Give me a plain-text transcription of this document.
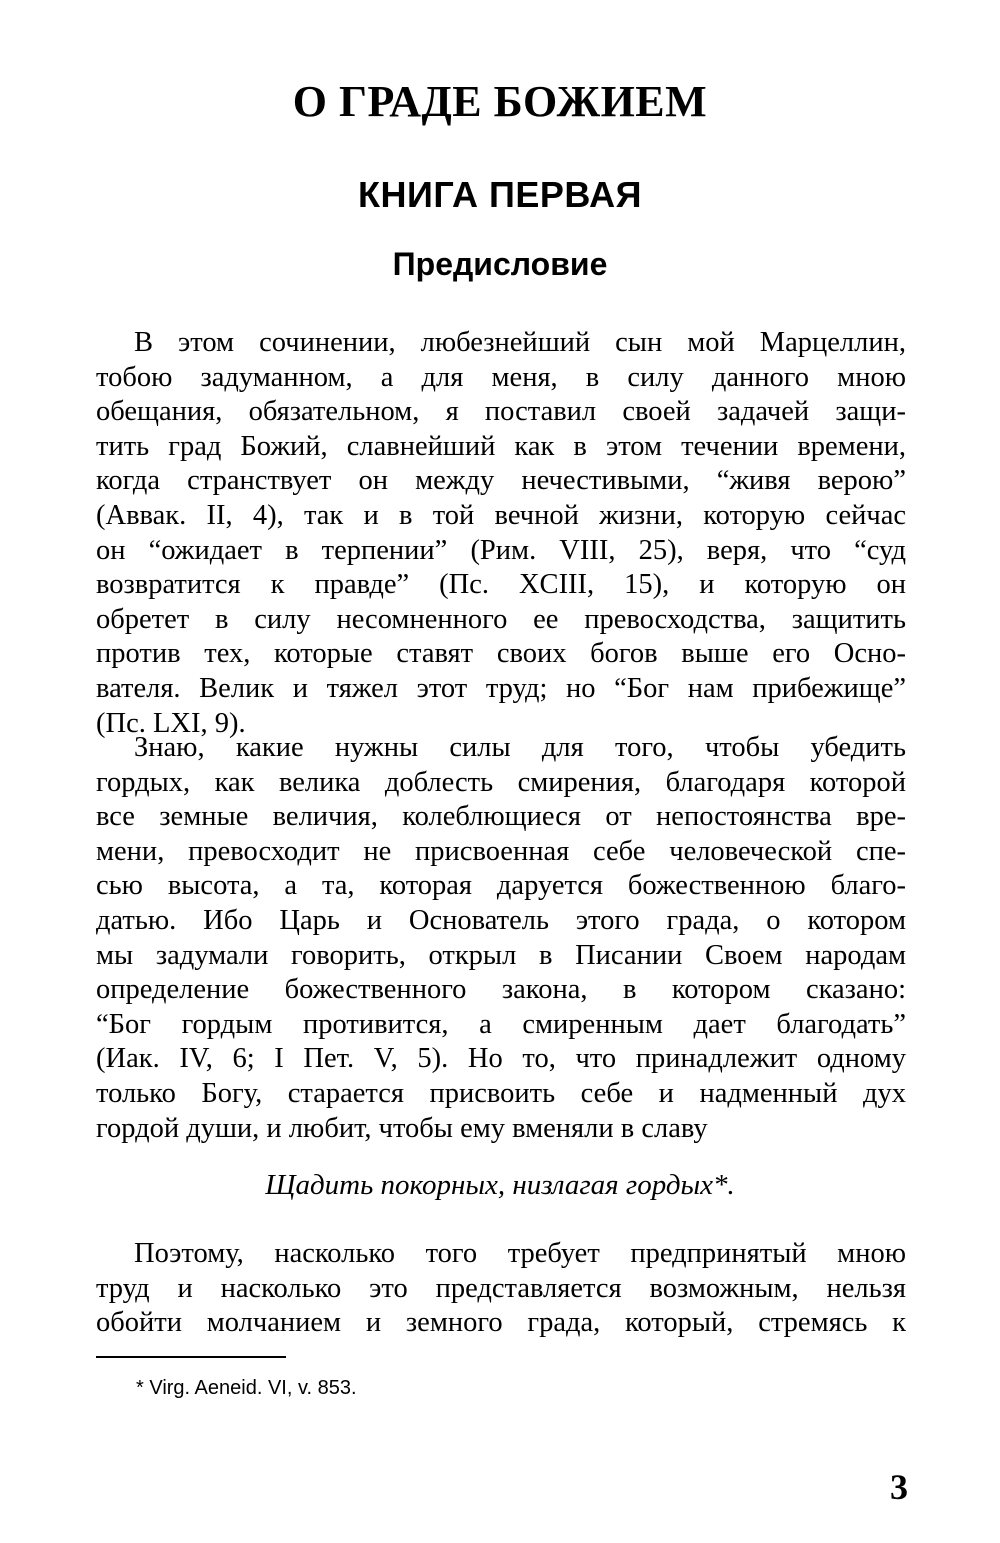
О ГРАДЕ БОЖИЕМ
КНИГА ПЕРВАЯ
Предисловие
В этом сочинении, любезнейший сын мой Марцеллин,
тобою задуманном, а для меня, в силу данного мною
обещания, обязательном, я поставил своей задачей защи-
тить град Божий, славнейший как в этом течении времени,
когда странствует он между нечестивыми, “живя верою”
(Аввак. II, 4), так и в той вечной жизни, которую сейчас
он “ожидает в терпении” (Рим. VIII, 25), веря, что “суд
возвратится к правде” (Пс. XCIII, 15), и которую он
обретет в силу несомненного ее превосходства, защитить
против тех, которые ставят своих богов выше его Осно-
вателя. Велик и тяжел этот труд; но “Бог нам прибежище”
(Пс. LXI, 9).
Знаю, какие нужны силы для того, чтобы убедить
гордых, как велика доблесть смирения, благодаря которой
все земные величия, колеблющиеся от непостоянства вре-
мени, превосходит не присвоенная себе человеческой спе-
сью высота, а та, которая даруется божественною благо-
датью. Ибо Царь и Основатель этого града, о котором
мы задумали говорить, открыл в Писании Своем народам
определение божественного закона, в котором сказано:
“Бог гордым противится, а смиренным дает благодать”
(Иак. IV, 6; I Пет. V, 5). Но то, что принадлежит одному
только Богу, старается присвоить себе и надменный дух
гордой души, и любит, чтобы ему вменяли в славу

Щадить покорных, низлагая гордых*.

Поэтому, насколько того требует предпринятый мною
труд и насколько это представляется возможным, нельзя
обойти молчанием и земного града, который, стремясь к

* Virg. Aeneid. VI, v. 853.

3
